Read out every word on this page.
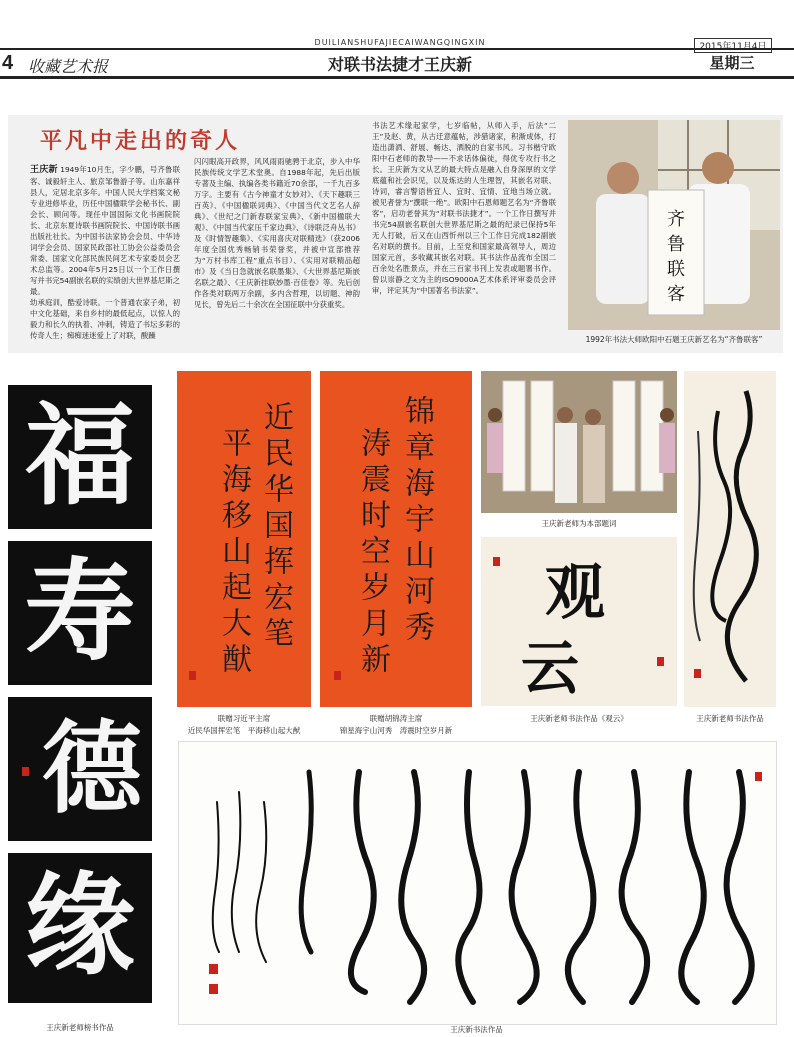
DUILIANSHUFAJIECAIWANGQINGXIN
4 收藏艺术报	对联书法捷才王庆新
2015年11月4日
星期三
平凡中走出的奇人
王庆新 1949年10月生，字少鹏，号齐鲁联客、诚毅轩主人、旅京邹鲁游子等。山东嘉祥县人，定居北京多年。中国人民大学档案文秘专业进修毕业，历任中国楹联学会秘书长、副会长、顾问等。现任中国国际文化书画院院长、北京东夏诗联书画院院长、中国诗联书画出版社社长。为中国书法家协会会员、中华诗词学会会员、国家民政部社工协会公益委员会常委、国家文化部民族民间艺术专家委员会艺术总监等。2004年5月25日以一个工作日撰写并书完54副嵌名联的实绩创大世界基尼斯之最。
幼承庭训，酷爱诗联。一个普通农家子弟，初中文化基础，来自乡村的最低起点，以惊人的毅力和长久的执着、冲刺，铸造了书坛多彩的传奇人生；痴痴迷迷爱上了对联，酸躁
闪闪眼高开政界，风风雨雨驰骋于北京，步入中华民族传统文学艺术堂奥。自1988年起，先后出版专著及主编、执编各类书籍近70余部，一千九百多万字。主要有《古今神童才女妙对》、《天下趣联三百英》、《中国楹联词典》、《中国当代文艺名人辞典》、《世纪之门新春联家宝典》、《新中国楹联大观》、《中国当代家压千家边典》、《诗联泛舟丛书》及《时情智趣集》、《实用喜庆对联精选》（获2006年度全国优秀畅销书荣誉奖，并被中宣部推荐为“万村书库工程”重点书目）、《实用对联精品超市》及《当日急就嵌名联墨集》、《大世界基尼斯嵌名联之最》、《王庆新挂联妙墨·百佳卷》等。先后创作各类对联两万余副，多内含哲理，以切题、神韵见长，曾先后二十余次在全国征联中分获重奖。
书法艺术缘起家学，七岁临帖，从师入手，后法“二王”及赵、黄，从古迁意蕴帖，涉猎诸家，积渐成体，打造出潇洒、舒展、畅达、洒脱的自家书风。习书楷守欧阳中石老师的教导——不求话体偏徒，得优专攻行书之长。王庆新为文从艺的最大特点是融入自身深厚的文学底蕴和社会识见，以及炼达的人生理智，其嵌名对联、诗词，睿言警语皆宜人、宜时、宜情、宜地当场立就。被见者誉为“撰联一绝”。欧阳中石恩师题艺名为“齐鲁联客”，启功老誉其为“对联书法捷才”。一个工作日撰写并书完54副嵌名联创大世界基尼斯之最的纪录已保持5年无人打破，后又在山西忻州以三个工作日完成182副嵌名对联的撰书。目前，上至党和国家最高领导人，周边国家元首，多收藏其嵌名对联。其书法作品流布全国二百余处名胜景点，并在三百家书刊上发表或题署书作。曾以崇静之文为主的ISO9000A艺术体系评审委员会评审，评定其为“中国著名书法家”。
齐
鲁
联
客
1992年书法大师欧阳中石题王庆新艺名为“齐鲁联客”
福
寿
德
缘
王庆新老师榜书作品
近民华国挥宏笔
平海移山起大猷
联赠习近平主席
近民华国挥宏笔　平海移山起大猷
锦章海宇山河秀
涛震时空岁月新
联赠胡锦涛主席
锦星海宇山河秀　涛震时空岁月新
王庆新老师为本部题词
观
云
王庆新老师书法作品《观云》	王庆新老师书法作品
王庆新书法作品
